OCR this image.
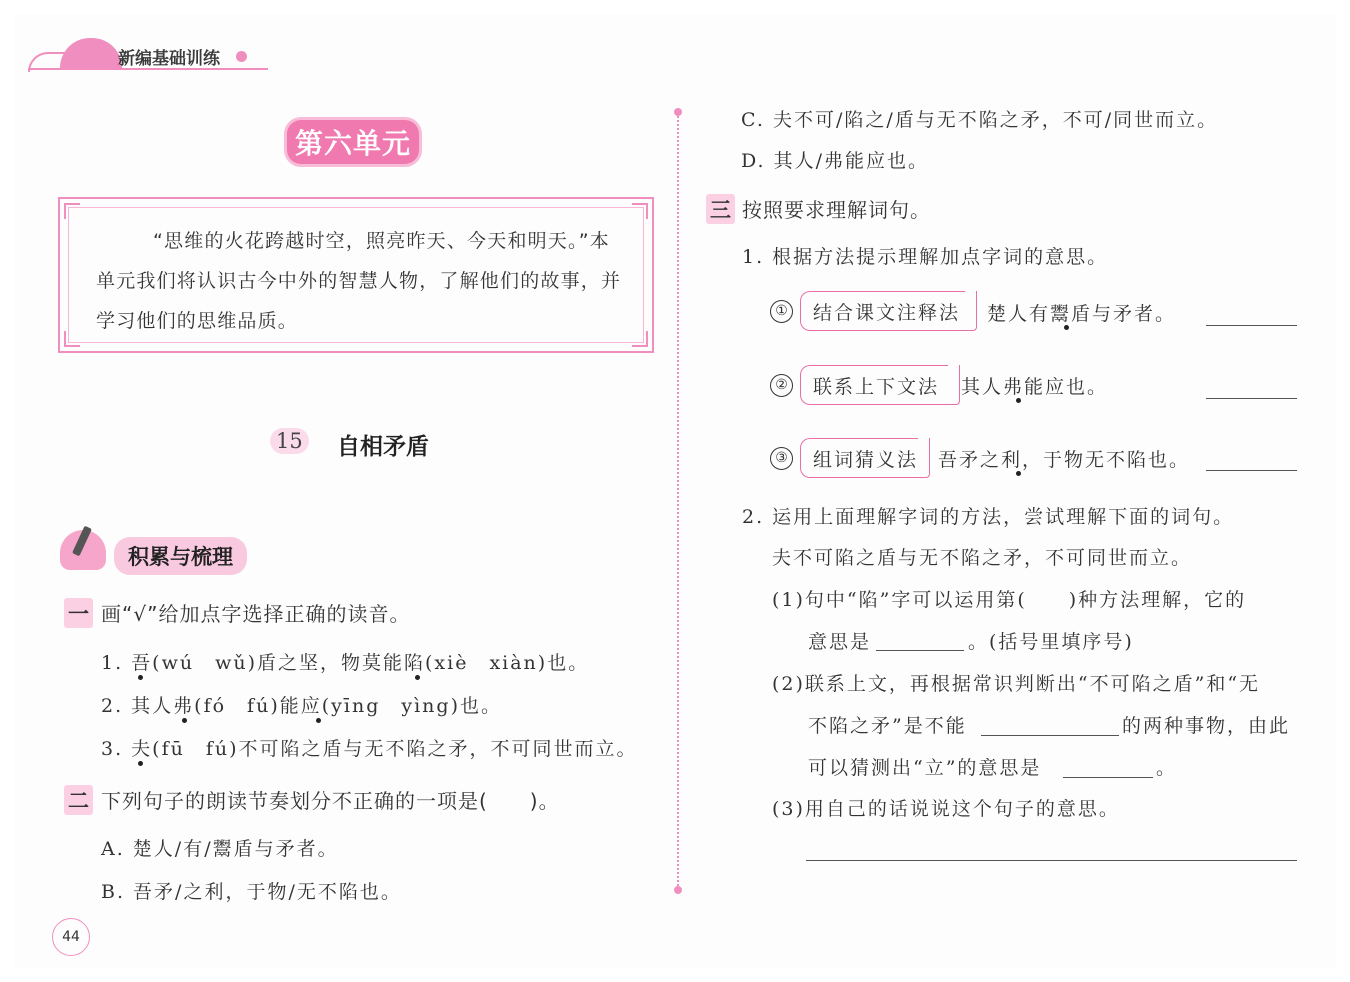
新编基础训练
第六单元
“思维的火花跨越时空，照亮昨天、今天和明天。”本单元我们将认识古今中外的智慧人物，了解他们的故事，并学习他们的思维品质。
15 自相矛盾
积累与梳理
一 画“√”给加点字选择正确的读音。
1. 吾(wú　wǔ)盾之坚，物莫能陷(xiè　xiàn)也。
2. 其人弗(fó　fú)能应(yīng　yìng)也。
3. 夫(fū　fú)不可陷之盾与无不陷之矛，不可同世而立。
二 下列句子的朗读节奏划分不正确的一项是(　　)。
A. 楚人/有/鬻盾与矛者。
B. 吾矛/之利，于物/无不陷也。
C. 夫不可/陷之/盾与无不陷之矛，不可/同世而立。
D. 其人/弗能应也。
三 按照要求理解词句。
1. 根据方法提示理解加点字词的意思。
①	结合课文注释法 楚人有鬻盾与矛者。
②	联系上下文法	其人弗能应也。
③	组词猜义法 吾矛之利，于物无不陷也。
2. 运用上面理解字词的方法，尝试理解下面的词句。
夫不可陷之盾与无不陷之矛，不可同世而立。
(1)句中“陷”字可以运用第(　　)种方法理解，它的
意思是	。(括号里填序号)
(2)联系上文，再根据常识判断出“不可陷之盾”和“无
不陷之矛”是不能	的两种事物，由此
可以猜测出“立”的意思是	。
(3)用自己的话说说这个句子的意思。
44
